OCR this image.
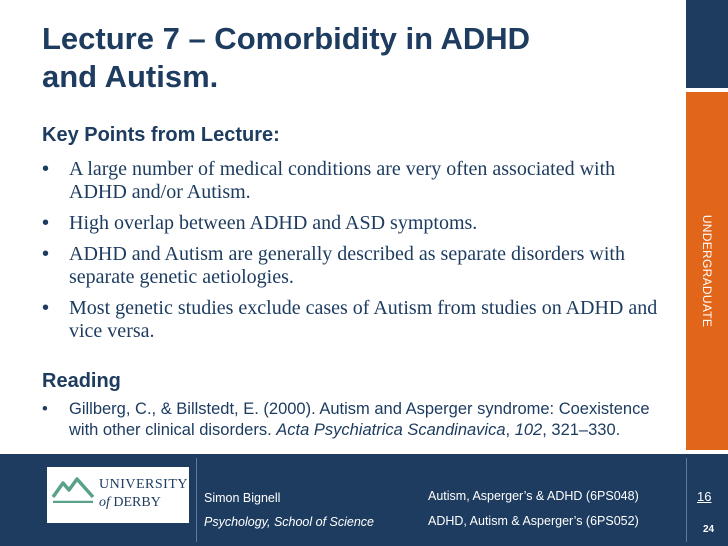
UNDERGRADUATE
Lecture 7 – Comorbidity in ADHD
and Autism.
Key Points from Lecture:
• A large number of medical conditions are very often associated with ADHD and/or Autism.
• High overlap between ADHD and ASD symptoms.
• ADHD and Autism are generally described as separate disorders with separate genetic aetiologies.
• Most genetic studies exclude cases of Autism from studies on ADHD and vice versa.
Reading
• Gillberg, C., & Billstedt, E. (2000). Autism and Asperger syndrome: Coexistence with other clinical disorders. Acta Psychiatrica Scandinavica, 102, 321–330.
UNIVERSITY
of DERBY	Simon Bignell
Psychology, School of Science
Autism, Asperger’s & ADHD (6PS048)
ADHD, Autism & Asperger’s (6PS052)
16
24
